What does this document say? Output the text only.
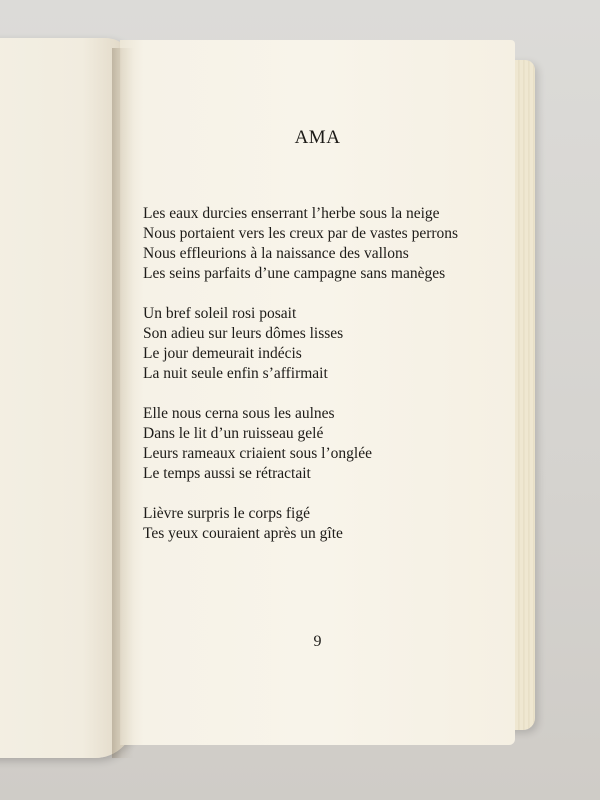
AMA
Les eaux durcies enserrant l’herbe sous la neige
Nous portaient vers les creux par de vastes perrons
Nous effleurions à la naissance des vallons
Les seins parfaits d’une campagne sans manèges
Un bref soleil rosi posait
Son adieu sur leurs dômes lisses
Le jour demeurait indécis
La nuit seule enfin s’affirmait
Elle nous cerna sous les aulnes
Dans le lit d’un ruisseau gelé
Leurs rameaux criaient sous l’onglée
Le temps aussi se rétractait
Lièvre surpris le corps figé
Tes yeux couraient après un gîte
9
